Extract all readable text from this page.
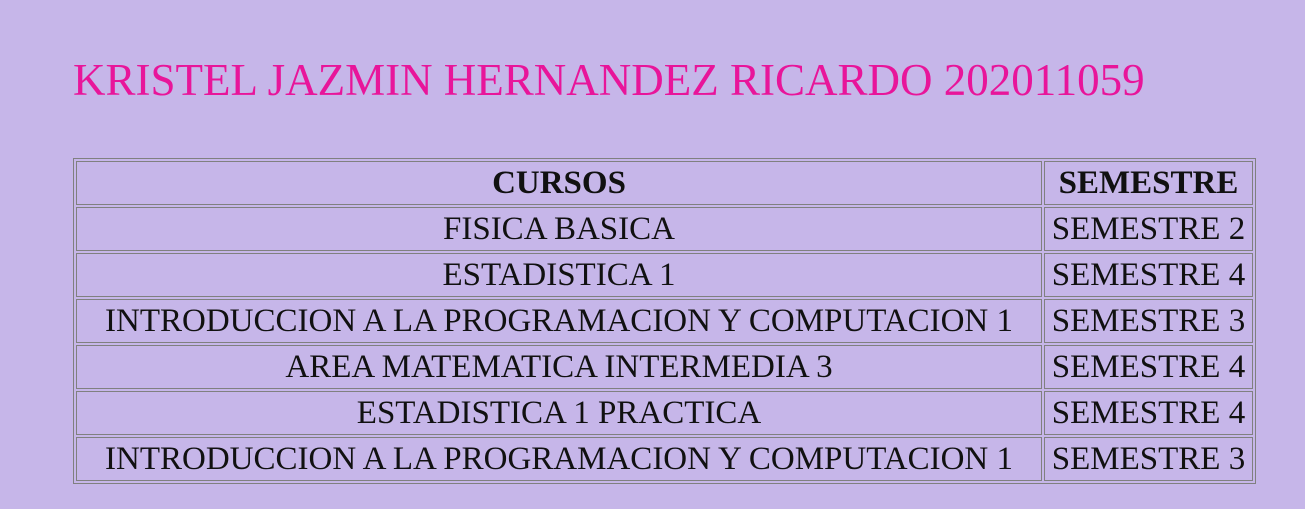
KRISTEL JAZMIN HERNANDEZ RICARDO 202011059
CURSOS	SEMESTRE
FISICA BASICA	SEMESTRE 2
ESTADISTICA 1	SEMESTRE 4
INTRODUCCION A LA PROGRAMACION Y COMPUTACION 1	SEMESTRE 3
AREA MATEMATICA INTERMEDIA 3	SEMESTRE 4
ESTADISTICA 1 PRACTICA	SEMESTRE 4
INTRODUCCION A LA PROGRAMACION Y COMPUTACION 1	SEMESTRE 3
